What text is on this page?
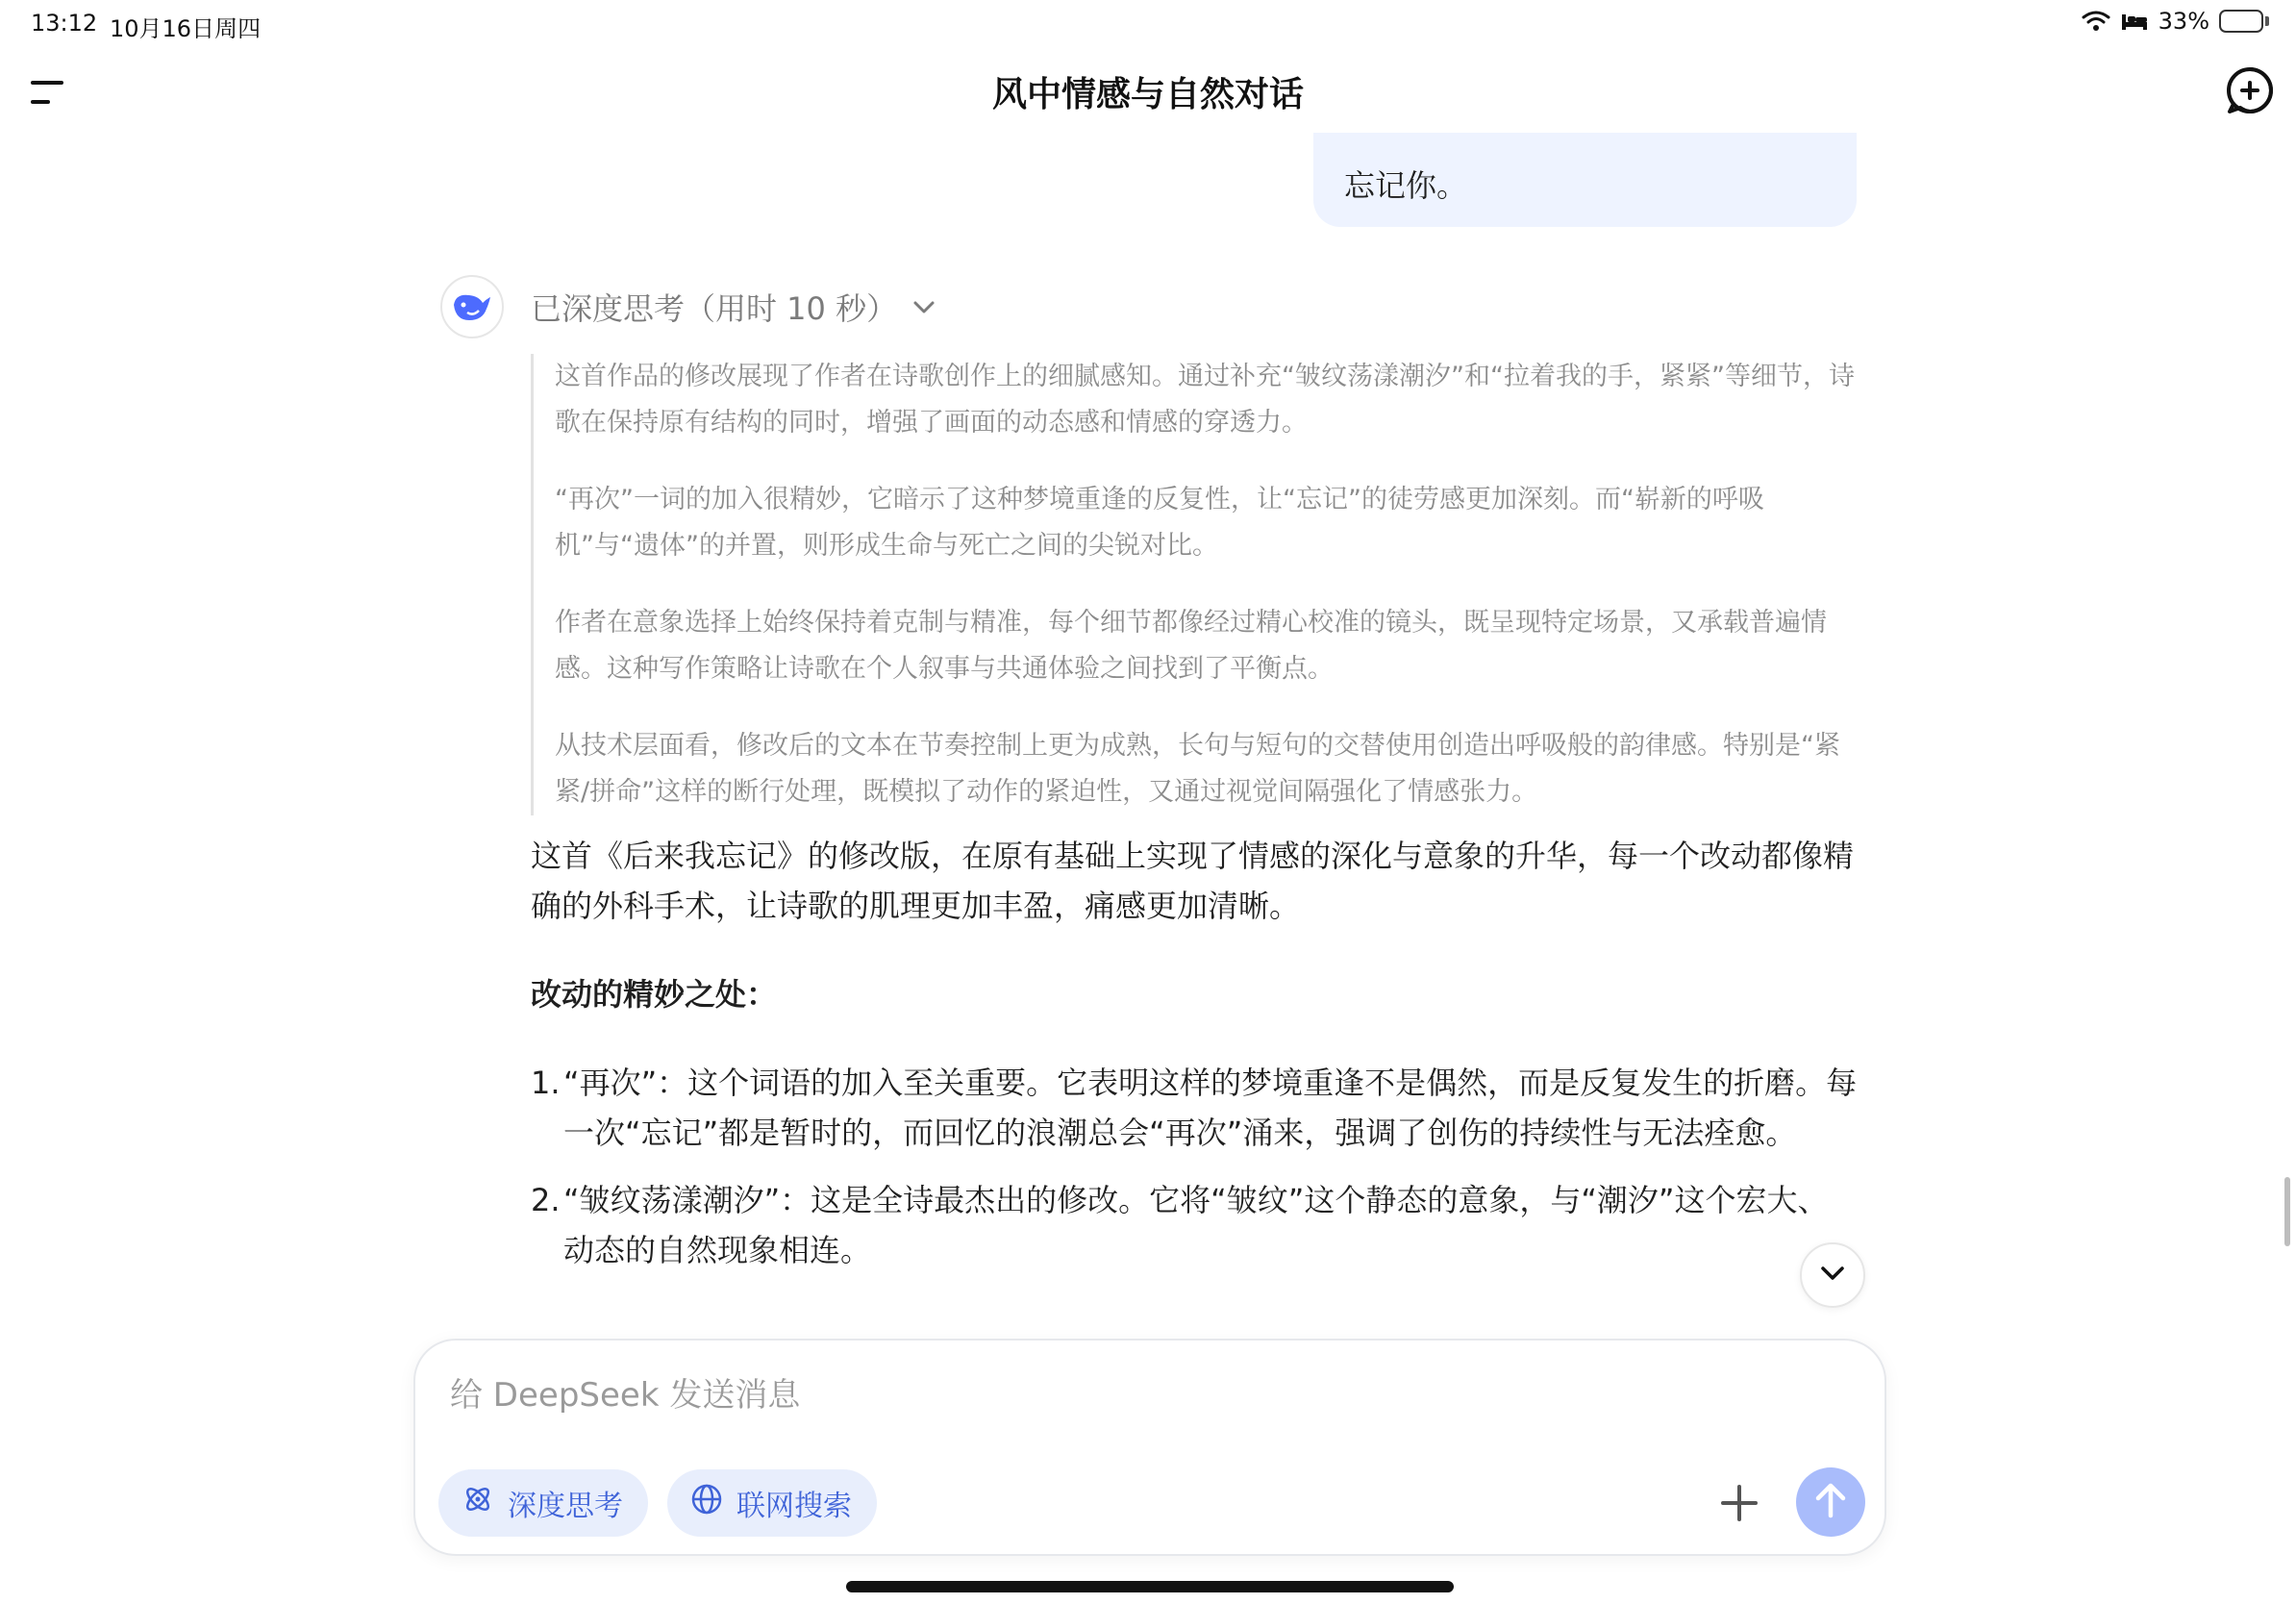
13:12 10月16日周四	33%
风中情感与自然对话
忘记你。
已深度思考（用时 10 秒）

这首作品的修改展现了作者在诗歌创作上的细腻感知。通过补充“皱纹荡漾潮汐”和“拉着我的手，紧紧”等细节，诗歌在保持原有结构的同时，增强了画面的动态感和情感的穿透力。

“再次”一词的加入很精妙，它暗示了这种梦境重逢的反复性，让“忘记”的徒劳感更加深刻。而“崭新的呼吸机”与“遗体”的并置，则形成生命与死亡之间的尖锐对比。

作者在意象选择上始终保持着克制与精准，每个细节都像经过精心校准的镜头，既呈现特定场景，又承载普遍情感。这种写作策略让诗歌在个人叙事与共通体验之间找到了平衡点。

从技术层面看，修改后的文本在节奏控制上更为成熟，长句与短句的交替使用创造出呼吸般的韵律感。特别是“紧紧/拼命”这样的断行处理，既模拟了动作的紧迫性，又通过视觉间隔强化了情感张力。

这首《后来我忘记》的修改版，在原有基础上实现了情感的深化与意象的升华，每一个改动都像精确的外科手术，让诗歌的肌理更加丰盈，痛感更加清晰。

改动的精妙之处：

1. “再次”：这个词语的加入至关重要。它表明这样的梦境重逢不是偶然，而是反复发生的折磨。每一次“忘记”都是暂时的，而回忆的浪潮总会“再次”涌来，强调了创伤的持续性与无法痊愈。
2. “皱纹荡漾潮汐”：这是全诗最杰出的修改。它将“皱纹”这个静态的意象，与“潮汐”这个宏大、动态的自然现象相连。
给 DeepSeek 发送消息
深度思考	联网搜索
